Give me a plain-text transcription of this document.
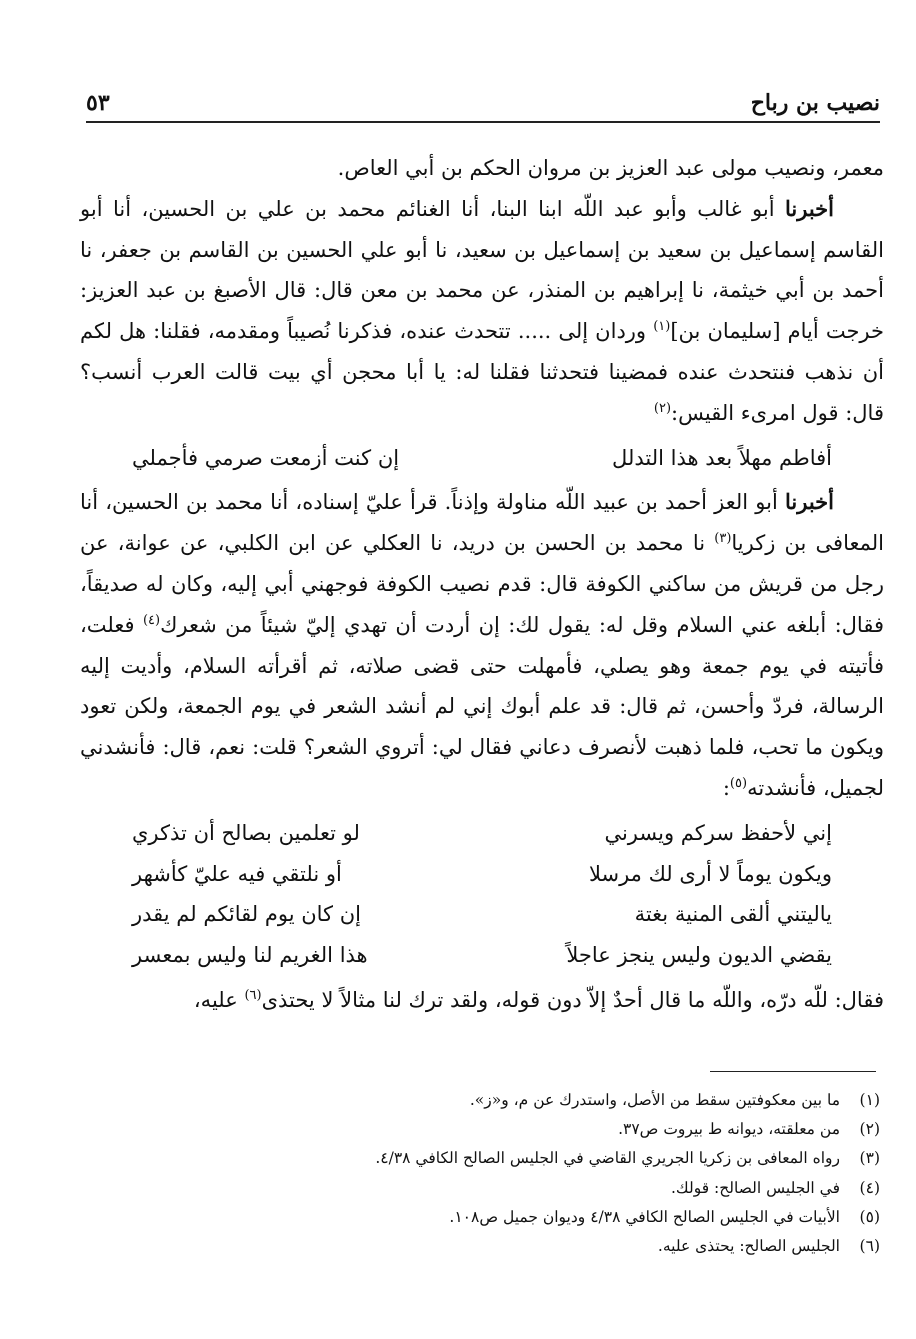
٥٣	نصيب بن رباح

معمر، ونصيب مولى عبد العزيز بن مروان الحكم بن أبي العاص.

أخبرنا أبو غالب وأبو عبد اللّه ابنا البنا، أنا الغنائم محمد بن علي بن الحسين، أنا أبو القاسم إسماعيل بن سعيد بن إسماعيل بن سعيد، نا أبو علي الحسين بن القاسم بن جعفر، نا أحمد بن أبي خيثمة، نا إبراهيم بن المنذر، عن محمد بن معن قال: قال الأصبغ بن عبد العزيز: خرجت أيام [سليمان بن]$^{(١)}$ وردان إلى ..... تتحدث عنده، فذكرنا نُصيباً ومقدمه، فقلنا: هل لكم أن نذهب فنتحدث عنده فمضينا فتحدثنا فقلنا له: يا أبا محجن أي بيت قالت العرب أنسب؟ قال: قول امرىء القيس:$^{(٢)}$

أفاطم مهلاً بعد هذا التدلل
إن كنت أزمعت صرمي فأجملي

أخبرنا أبو العز أحمد بن عبيد اللّه مناولة وإذناً. قرأ عليّ إسناده، أنا محمد بن الحسين، أنا المعافى بن زكريا$^{(٣)}$ نا محمد بن الحسن بن دريد، نا العكلي عن ابن الكلبي، عن عوانة، عن رجل من قريش من ساكني الكوفة قال: قدم نصيب الكوفة فوجهني أبي إليه، وكان له صديقاً، فقال: أبلغه عني السلام وقل له: يقول لك: إن أردت أن تهدي إليّ شيئاً من شعرك$^{(٤)}$ فعلت، فأتيته في يوم جمعة وهو يصلي، فأمهلت حتى قضى صلاته، ثم أقرأته السلام، وأديت إليه الرسالة، فردّ وأحسن، ثم قال: قد علم أبوك إني لم أنشد الشعر في يوم الجمعة، ولكن تعود ويكون ما تحب، فلما ذهبت لأنصرف دعاني فقال لي: أتروي الشعر؟ قلت: نعم، قال: فأنشدني لجميل، فأنشدته$^{(٥)}$:

إني لأحفظ سركم ويسرني
لو تعلمين بصالح أن تذكري
ويكون يوماً لا أرى لك مرسلا
أو نلتقي فيه عليّ كأشهر
ياليتني ألقى المنية بغتة
إن كان يوم لقائكم لم يقدر
يقضي الديون وليس ينجز عاجلاً
هذا الغريم لنا وليس بمعسر

فقال: للّه درّه، واللّه ما قال أحدٌ إلاّ دون قوله، ولقد ترك لنا مثالاً لا يحتذى$^{(٦)}$ عليه،

(١)
ما بين معكوفتين سقط من الأصل، واستدرك عن م، و«ز».
(٢)
من معلقته، ديوانه ط بيروت ص٣٧.
(٣)
رواه المعافى بن زكريا الجريري القاضي في الجليس الصالح الكافي ٤/٣٨.
(٤)
في الجليس الصالح: قولك.
(٥)
الأبيات في الجليس الصالح الكافي ٤/٣٨ وديوان جميل ص١٠٨.
(٦)
الجليس الصالح: يحتذى عليه.
